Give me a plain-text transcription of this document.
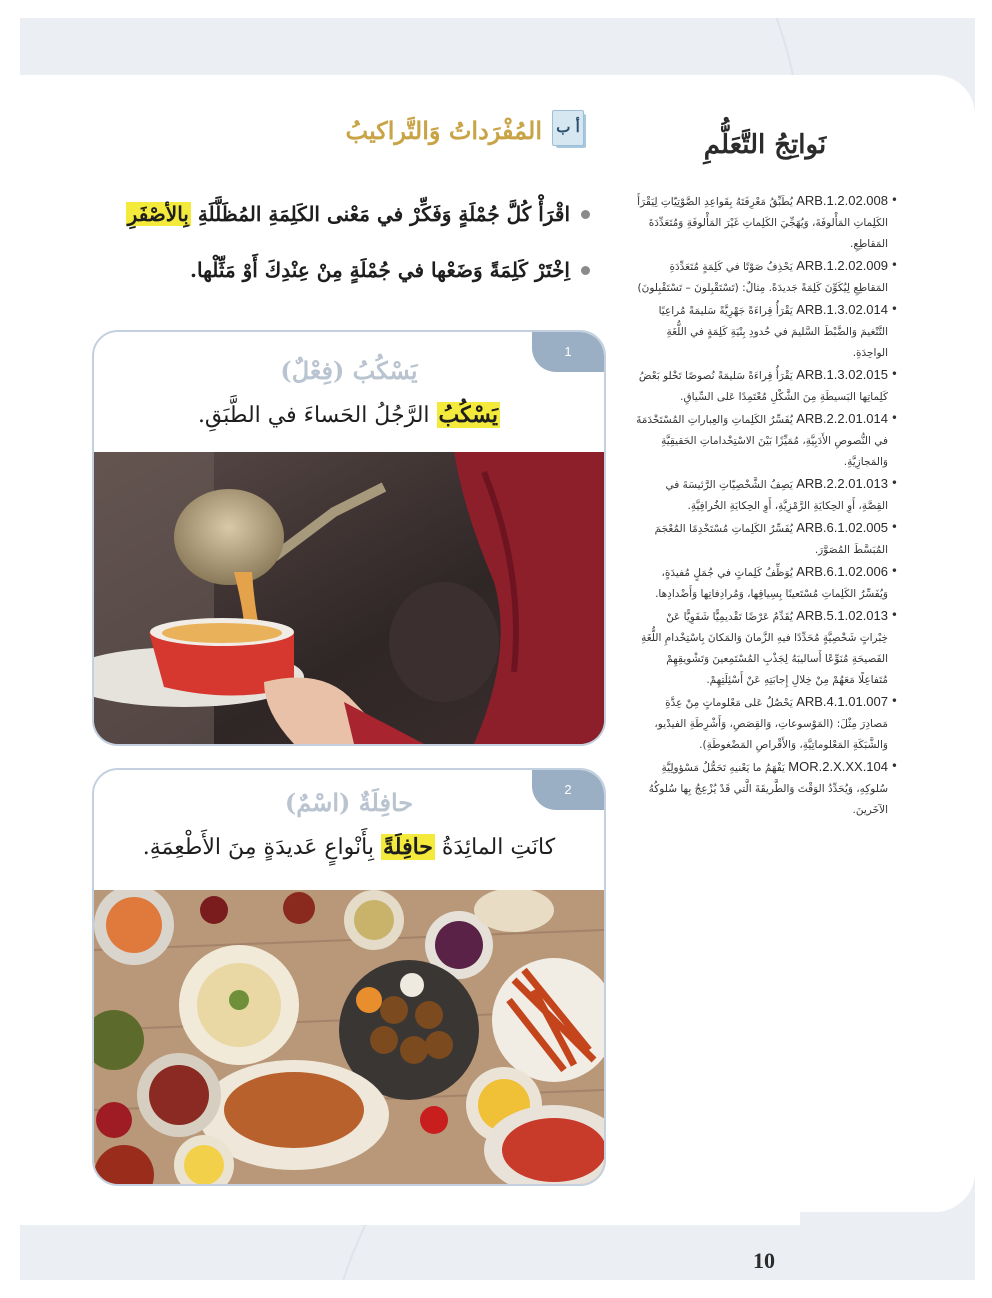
المُفْرَداتُ وَالتَّراكيبُ أ ب
اقْرَأْ كُلَّ جُمْلَةٍ وَفَكِّرْ في مَعْنى الكَلِمَةِ المُظَلَّلَةِ بِالأصْفَرِ
اِخْتَرْ كَلِمَةً وَضَعْها في جُمْلَةٍ مِنْ عِنْدِكَ أَوْ مَثِّلْها.
1
يَسْكُبُ (فِعْلٌ)
يَسْكُبُ الرَّجُلُ الحَساءَ في الطَّبَقِ.
2
حافِلَةٌ (اسْمٌ)
كانَتِ المائِدَةُ حافِلَةً بِأَنْواعٍ عَديدَةٍ مِنَ الأَطْعِمَةِ.
نَواتِجُ التَّعَلُّمِ
• ARB.1.2.02.008 يُطَبِّقُ مَعْرِفَتَهُ بِقَواعِدِ الصَّوْتِيّاتِ لِيَقْرَأَ الكَلِماتِ المَأْلوفَةَ، وَيُهَجِّيَ الكَلِماتِ غَيْرَ المَأْلوفَةِ وَمُتَعَدِّدَةَ المَقاطِعِ.
• ARB.1.2.02.009 يَحْذِفُ صَوْتًا في كَلِمَةٍ مُتَعَدِّدَةِ المَقاطِعِ لِيُكَوِّنَ كَلِمَةً جَديدَةً. مِثالٌ: (تَسْتَقْبِلونَ – تَسْتَقْبِلونَ)
• ARB.1.3.02.014 يَقْرَأُ قِراءَةً جَهْرِيَّةً سَليمَةً مُراعِيًا التَّنْغيمَ وَالضَّبْطَ السَّليمَ في حُدودِ بِنْيَةِ كَلِمَةٍ في اللُّغَةِ الواحِدَةِ.
• ARB.1.3.02.015 يَقْرَأُ قِراءَةً سَليمَةً نُصوصًا تَخْلو بَعْضُ كَلِماتِها البَسيطَةِ مِنَ الشَّكْلِ مُعْتَمِدًا عَلى السِّياقِ.
• ARB.2.2.01.014 يُفَسِّرُ الكَلِماتِ وَالعِباراتِ المُسْتَخْدَمَةَ في النُّصوصِ الأَدَبِيَّةِ، مُمَيِّزًا بَيْنَ الاسْتِخْداماتِ الحَقيقِيَّةِ وَالمَجازِيَّةِ.
• ARB.2.2.01.013 يَصِفُ الشَّخْصِيّاتِ الرَّئيسَةَ في القِصَّةِ، أَوِ الحِكايَةِ الرَّمْزِيَّةِ، أَوِ الحِكايَةِ الخُرافِيَّةِ.
• ARB.6.1.02.005 يُفَسِّرُ الكَلِماتِ مُسْتَخْدِمًا المُعْجَمَ المُبَسَّطَ المُصَوَّرَ.
• ARB.6.1.02.006 يُوَظِّفُ كَلِماتٍ في جُمَلٍ مُفيدَةٍ، وَيُفَسِّرُ الكَلِماتِ مُسْتَعينًا بِسِياقِها، وَمُرادِفاتِها وَأَضْدادِها.
• ARB.5.1.02.013 يُقَدِّمُ عَرْضًا تَقْديمِيًّا شَفَوِيًّا عَنْ خِبْراتٍ شَخْصِيَّةٍ مُحَدِّدًا فيهِ الزَّمانَ وَالمَكانَ بِاسْتِخْدامِ اللُّغَةِ الفَصيحَةِ مُنَوِّعًا أَساليبَهُ لِجَذْبِ المُسْتَمِعينَ وَتَشْويقِهِمْ مُتَفاعِلًا مَعَهُمْ مِنْ خِلالِ إِجابَتِهِ عَنْ أَسْئِلَتِهِمْ.
• ARB.4.1.01.007 يَحْصُلُ عَلى مَعْلوماتٍ مِنْ عِدَّةِ مَصادِرَ مِثْلَ: (المَوْسوعاتِ، وَالقِصَصِ، وَأَشْرِطَةِ الفيدْيو، وَالشَّبَكَةِ المَعْلوماتِيَّةِ، وَالأَقْراصِ المَضْغوطَةِ).
• MOR.2.X.XX.104 يَفْهَمُ ما يَعْنيهِ تَحَمُّلُ مَسْؤولِيَّةِ سُلوكِهِ، وَيُحَدِّدُ الوَقْتَ وَالطَّريقَةَ الَّتي قَدْ يُزْعِجُ بِها سُلوكُهُ الآخَرينَ.
10
